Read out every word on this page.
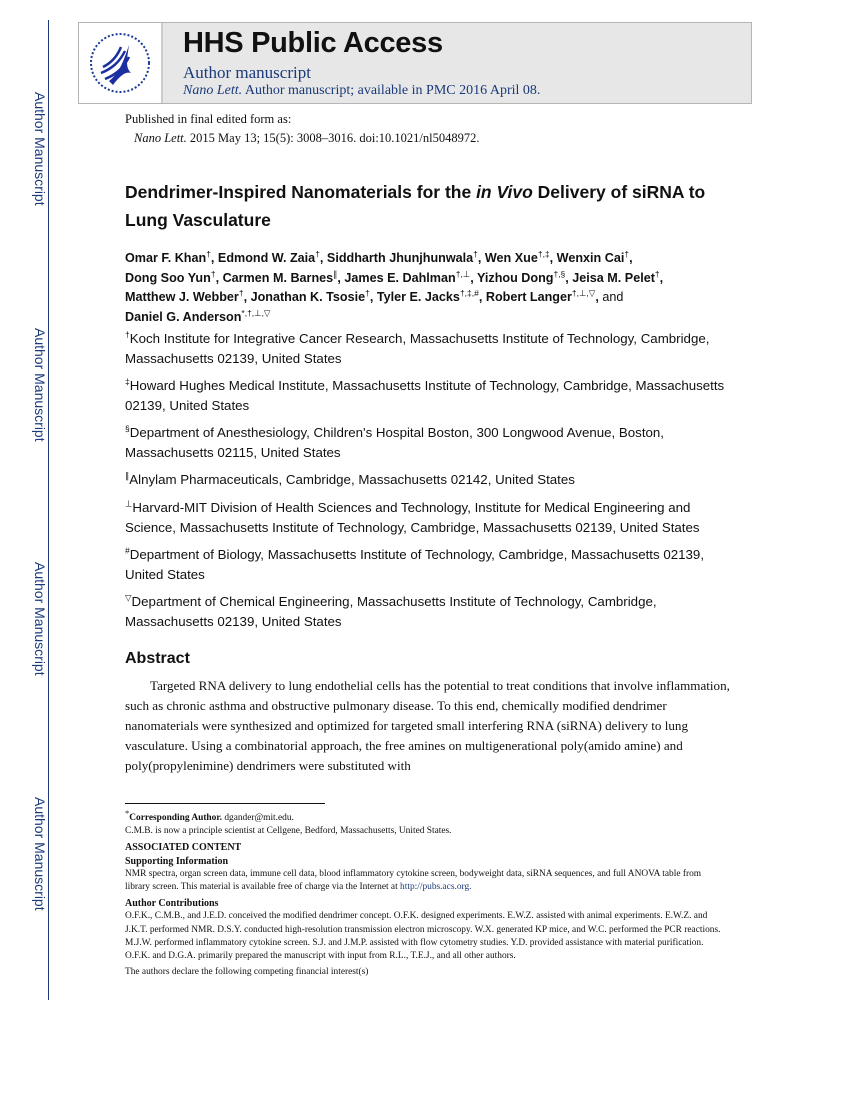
Author Manuscript
Author Manuscript
Author Manuscript
Author Manuscript
HHS Public Access
Author manuscript
Nano Lett. Author manuscript; available in PMC 2016 April 08.
Published in final edited form as:
Nano Lett. 2015 May 13; 15(5): 3008–3016. doi:10.1021/nl5048972.
Dendrimer-Inspired Nanomaterials for the in Vivo Delivery of siRNA to Lung Vasculature
Omar F. Khan†, Edmond W. Zaia†, Siddharth Jhunjhunwala†, Wen Xue†,‡, Wenxin Cai†,
Dong Soo Yun†, Carmen M. Barnes∥, James E. Dahlman†,⊥, Yizhou Dong†,§, Jeisa M. Pelet†,
Matthew J. Webber†, Jonathan K. Tsosie†, Tyler E. Jacks†,‡,#, Robert Langer†,⊥,▽, and
Daniel G. Anderson*,†,⊥,▽
†Koch Institute for Integrative Cancer Research, Massachusetts Institute of Technology, Cambridge, Massachusetts 02139, United States
‡Howard Hughes Medical Institute, Massachusetts Institute of Technology, Cambridge, Massachusetts 02139, United States
§Department of Anesthesiology, Children's Hospital Boston, 300 Longwood Avenue, Boston, Massachusetts 02115, United States
∥Alnylam Pharmaceuticals, Cambridge, Massachusetts 02142, United States
⊥Harvard-MIT Division of Health Sciences and Technology, Institute for Medical Engineering and Science, Massachusetts Institute of Technology, Cambridge, Massachusetts 02139, United States
#Department of Biology, Massachusetts Institute of Technology, Cambridge, Massachusetts 02139, United States
▽Department of Chemical Engineering, Massachusetts Institute of Technology, Cambridge, Massachusetts 02139, United States
Abstract
Targeted RNA delivery to lung endothelial cells has the potential to treat conditions that involve inflammation, such as chronic asthma and obstructive pulmonary disease. To this end, chemically modified dendrimer nanomaterials were synthesized and optimized for targeted small interfering RNA (siRNA) delivery to lung vasculature. Using a combinatorial approach, the free amines on multigenerational poly(amido amine) and poly(propylenimine) dendrimers were substituted with

*Corresponding Author. dgander@mit.edu.

C.M.B. is now a principle scientist at Cellgene, Bedford, Massachusetts, United States.

ASSOCIATED CONTENT

Supporting Information

NMR spectra, organ screen data, immune cell data, blood inflammatory cytokine screen, bodyweight data, siRNA sequences, and full ANOVA table from library screen. This material is available free of charge via the Internet at http://pubs.acs.org.

Author Contributions

O.F.K., C.M.B., and J.E.D. conceived the modified dendrimer concept. O.F.K. designed experiments. E.W.Z. assisted with animal experiments. E.W.Z. and J.K.T. performed NMR. D.S.Y. conducted high-resolution transmission electron microscopy. W.X. generated KP mice, and W.C. performed the PCR reactions. M.J.W. performed inflammatory cytokine screen. S.J. and J.M.P. assisted with flow cytometry studies. Y.D. provided assistance with material purification. O.F.K. and D.G.A. primarily prepared the manuscript with input from R.L., T.E.J., and all other authors.

The authors declare the following competing financial interest(s)
